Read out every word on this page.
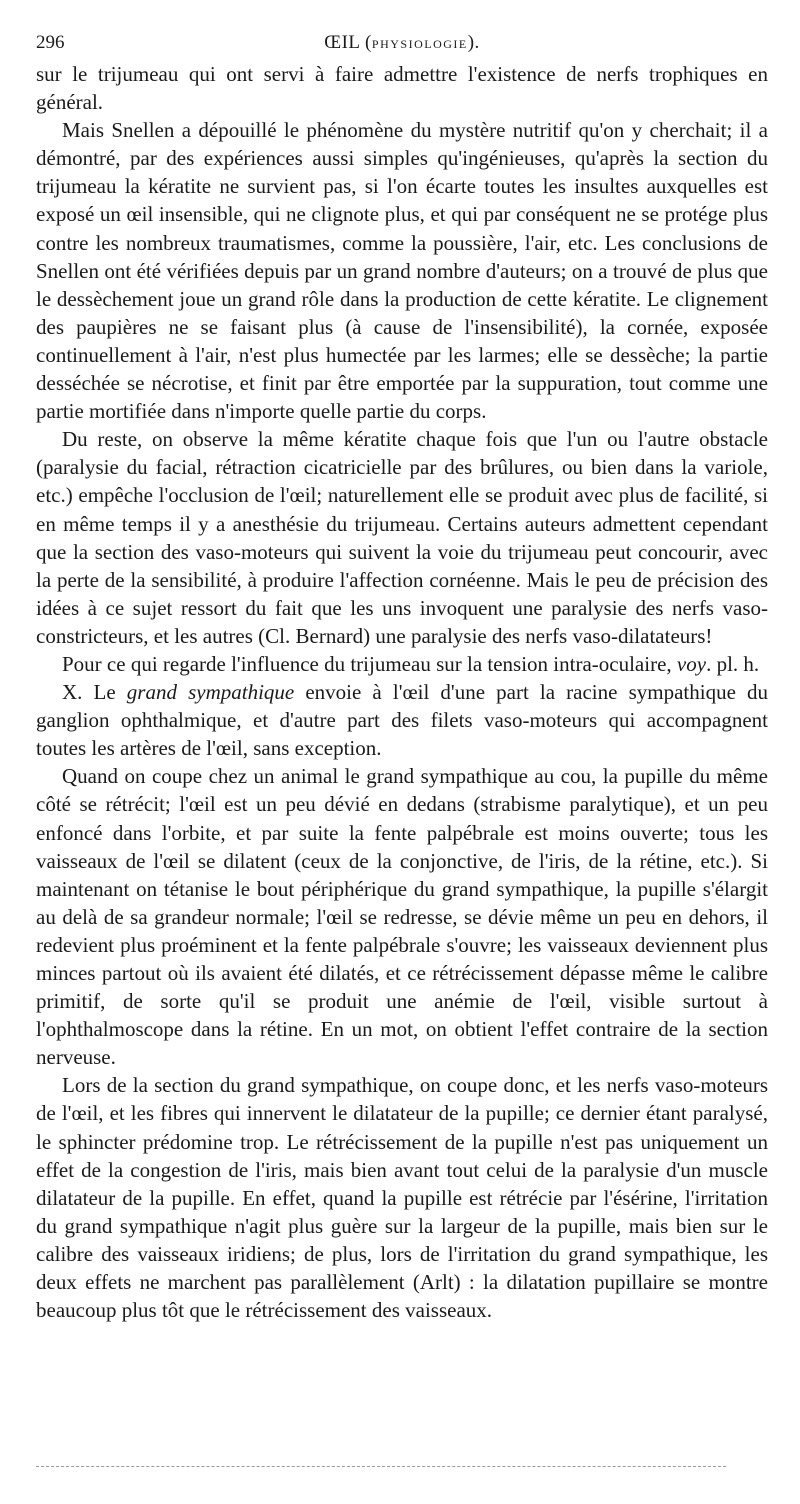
296	ŒIL (PHYSIOLOGIE).

sur le trijumeau qui ont servi à faire admettre l'existence de nerfs trophiques en général.

Mais Snellen a dépouillé le phénomène du mystère nutritif qu'on y cherchait; il a démontré, par des expériences aussi simples qu'ingénieuses, qu'après la section du trijumeau la kératite ne survient pas, si l'on écarte toutes les insultes auxquelles est exposé un œil insensible, qui ne clignote plus, et qui par conséquent ne se protége plus contre les nombreux traumatismes, comme la poussière, l'air, etc. Les conclusions de Snellen ont été vérifiées depuis par un grand nombre d'auteurs; on a trouvé de plus que le dessèchement joue un grand rôle dans la production de cette kératite. Le clignement des paupières ne se faisant plus (à cause de l'insensibilité), la cornée, exposée continuellement à l'air, n'est plus humectée par les larmes; elle se dessèche; la partie desséchée se nécrotise, et finit par être emportée par la suppuration, tout comme une partie mortifiée dans n'importe quelle partie du corps.

Du reste, on observe la même kératite chaque fois que l'un ou l'autre obstacle (paralysie du facial, rétraction cicatricielle par des brûlures, ou bien dans la variole, etc.) empêche l'occlusion de l'œil; naturellement elle se produit avec plus de facilité, si en même temps il y a anesthésie du trijumeau. Certains auteurs admettent cependant que la section des vaso-moteurs qui suivent la voie du trijumeau peut concourir, avec la perte de la sensibilité, à produire l'affection cornéenne. Mais le peu de précision des idées à ce sujet ressort du fait que les uns invoquent une paralysie des nerfs vaso-constricteurs, et les autres (Cl. Bernard) une paralysie des nerfs vaso-dilatateurs!

Pour ce qui regarde l'influence du trijumeau sur la tension intra-oculaire, voy. pl. h.

X. Le grand sympathique envoie à l'œil d'une part la racine sympathique du ganglion ophthalmique, et d'autre part des filets vaso-moteurs qui accompagnent toutes les artères de l'œil, sans exception.

Quand on coupe chez un animal le grand sympathique au cou, la pupille du même côté se rétrécit; l'œil est un peu dévié en dedans (strabisme paralytique), et un peu enfoncé dans l'orbite, et par suite la fente palpébrale est moins ouverte; tous les vaisseaux de l'œil se dilatent (ceux de la conjonctive, de l'iris, de la rétine, etc.). Si maintenant on tétanise le bout périphérique du grand sympathique, la pupille s'élargit au delà de sa grandeur normale; l'œil se redresse, se dévie même un peu en dehors, il redevient plus proéminent et la fente palpébrale s'ouvre; les vaisseaux deviennent plus minces partout où ils avaient été dilatés, et ce rétrécissement dépasse même le calibre primitif, de sorte qu'il se produit une anémie de l'œil, visible surtout à l'ophthalmoscope dans la rétine. En un mot, on obtient l'effet contraire de la section nerveuse.

Lors de la section du grand sympathique, on coupe donc, et les nerfs vaso-moteurs de l'œil, et les fibres qui innervent le dilatateur de la pupille; ce dernier étant paralysé, le sphincter prédomine trop. Le rétrécissement de la pupille n'est pas uniquement un effet de la congestion de l'iris, mais bien avant tout celui de la paralysie d'un muscle dilatateur de la pupille. En effet, quand la pupille est rétrécie par l'ésérine, l'irritation du grand sympathique n'agit plus guère sur la largeur de la pupille, mais bien sur le calibre des vaisseaux iridiens; de plus, lors de l'irritation du grand sympathique, les deux effets ne marchent pas parallèlement (Arlt) : la dilatation pupillaire se montre beaucoup plus tôt que le rétrécissement des vaisseaux.
